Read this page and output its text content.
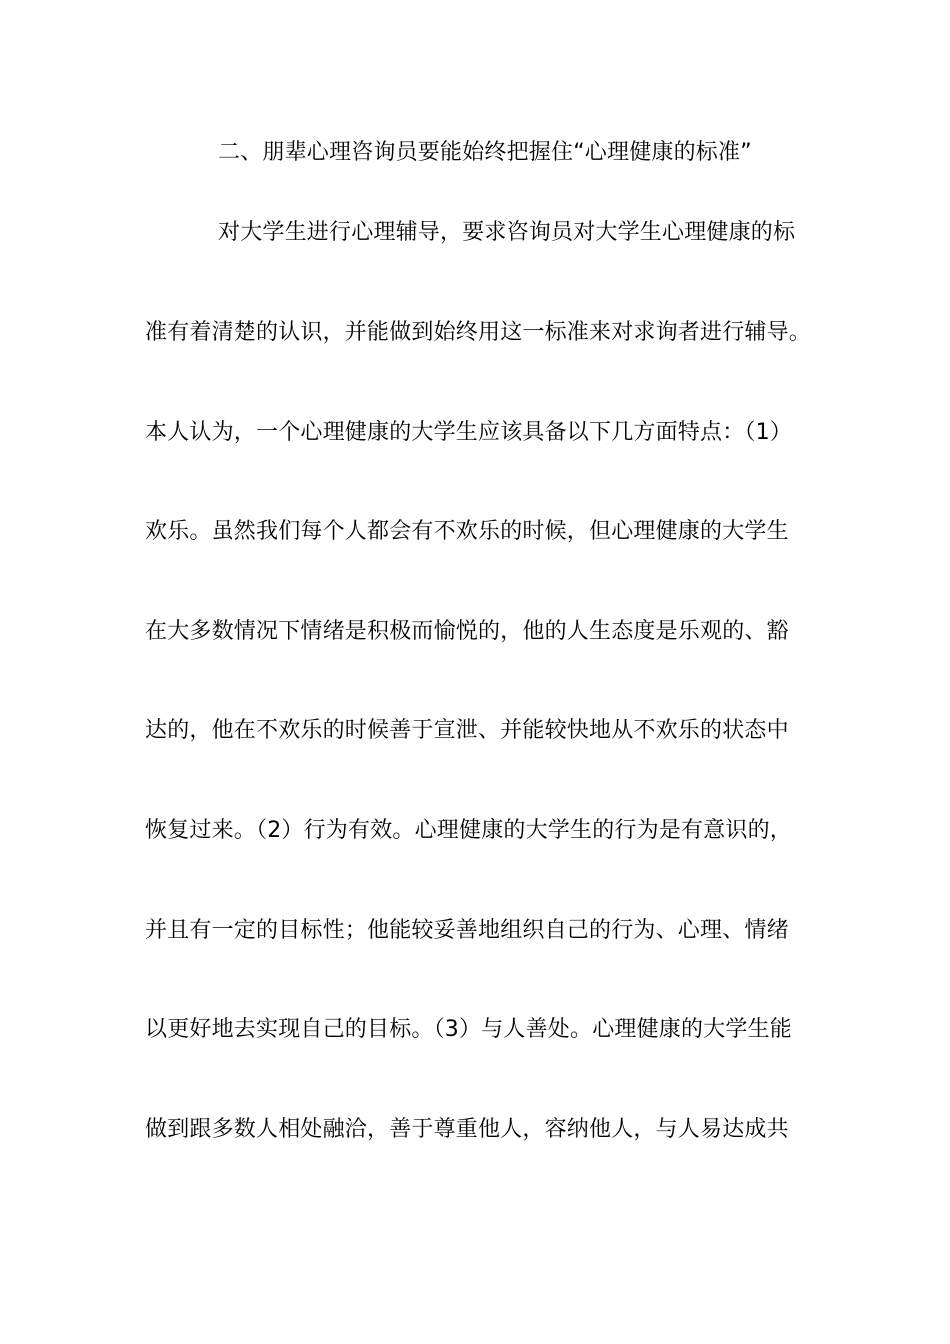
二、朋辈心理咨询员要能始终把握住“心理健康的标准”
对大学生进行心理辅导，要求咨询员对大学生心理健康的标
准有着清楚的认识，并能做到始终用这一标准来对求询者进行辅导。
本人认为，一个心理健康的大学生应该具备以下几方面特点：（1）
欢乐。虽然我们每个人都会有不欢乐的时候，但心理健康的大学生
在大多数情况下情绪是积极而愉悦的，他的人生态度是乐观的、豁
达的，他在不欢乐的时候善于宣泄、并能较快地从不欢乐的状态中
恢复过来。（2）行为有效。心理健康的大学生的行为是有意识的，
并且有一定的目标性；他能较妥善地组织自己的行为、心理、情绪
以更好地去实现自己的目标。（3）与人善处。心理健康的大学生能
做到跟多数人相处融洽，善于尊重他人，容纳他人，与人易达成共
